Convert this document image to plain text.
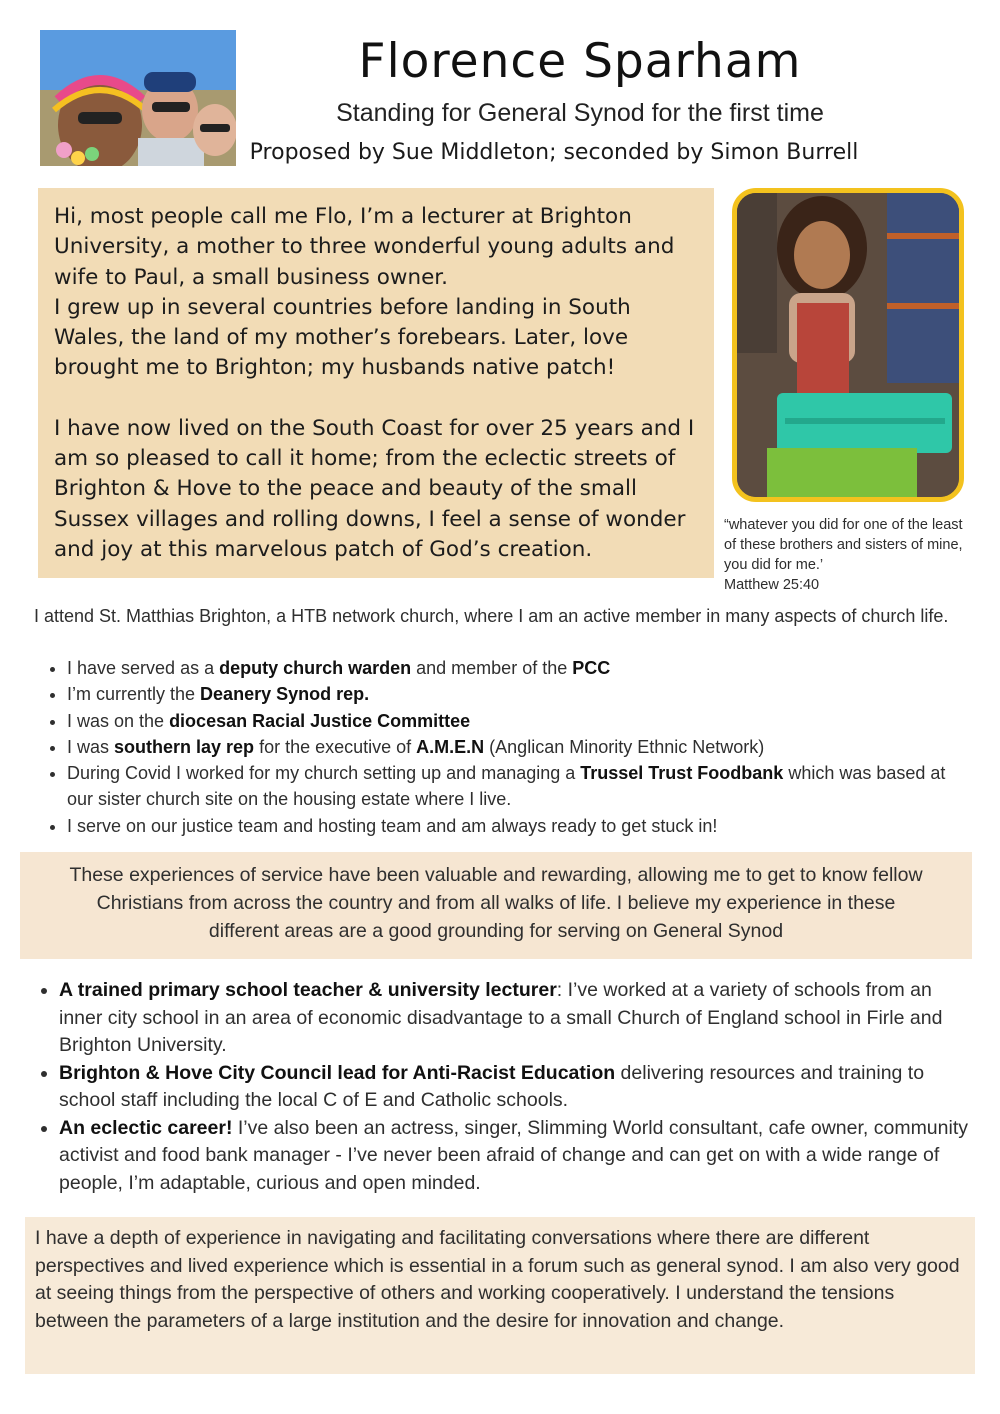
Florence Sparham
Standing for General Synod for the first time
Proposed by Sue Middleton; seconded by Simon Burrell

Hi, most people call me Flo, I’m a lecturer at Brighton University, a mother to three wonderful young adults and wife to Paul, a small business owner.
I grew up in several countries before landing in South Wales, the land of my mother’s forebears. Later, love brought me to Brighton; my husbands native patch!

I have now lived on the South Coast for over 25 years and I am so pleased to call it home; from the eclectic streets of Brighton & Hove to the peace and beauty of the small Sussex villages and rolling downs, I feel a sense of wonder and joy at this marvelous patch of God’s creation.

“whatever you did for one of the least of these brothers and sisters of mine, you did for me.’
Matthew 25:40
I attend St. Matthias Brighton, a HTB network church, where I am an active member in many aspects of church life.
• I have served as a deputy church warden and member of the PCC
• I’m currently the Deanery Synod rep.
• I was on the diocesan Racial Justice Committee
• I was southern lay rep for the executive of A.M.E.N (Anglican Minority Ethnic Network)
• During Covid I worked for my church setting up and managing a Trussel Trust Foodbank which was based at our sister church site on the housing estate where I live.
• I serve on our justice team and hosting team and am always ready to get stuck in!
These experiences of service have been valuable and rewarding, allowing me to get to know fellow Christians from across the country and from all walks of life. I believe my experience in these different areas are a good grounding for serving on General Synod
• A trained primary school teacher & university lecturer: I’ve worked at a variety of schools from an inner city school in an area of economic disadvantage to a small Church of England school in Firle and Brighton University.
• Brighton & Hove City Council lead for Anti-Racist Education delivering resources and training to school staff including the local C of E and Catholic schools.
• An eclectic career! I’ve also been an actress, singer, Slimming World consultant, cafe owner, community activist and food bank manager - I’ve never been afraid of change and can get on with a wide range of people, I’m adaptable, curious and open minded.
I have a depth of experience in navigating and facilitating conversations where there are different perspectives and lived experience which is essential in a forum such as general synod. I am also very good at seeing things from the perspective of others and working cooperatively. I understand the tensions between the parameters of a large institution and the desire for innovation and change.
